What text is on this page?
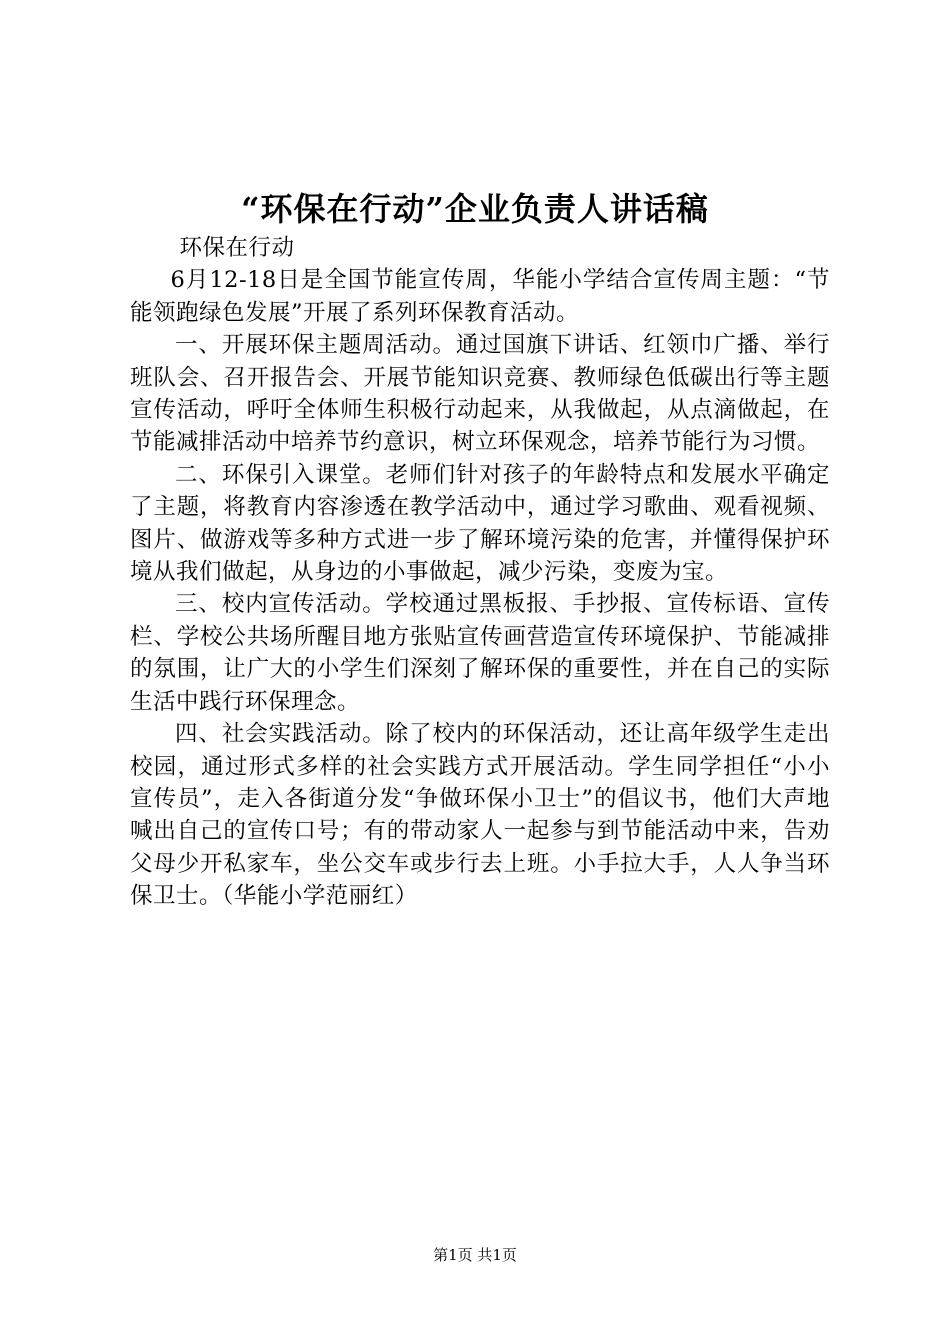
“环保在行动”企业负责人讲话稿

环保在行动

6月12-18日是全国节能宣传周，华能小学结合宣传周主题：“节能领跑绿色发展”开展了系列环保教育活动。

一、开展环保主题周活动。通过国旗下讲话、红领巾广播、举行班队会、召开报告会、开展节能知识竞赛、教师绿色低碳出行等主题宣传活动，呼吁全体师生积极行动起来，从我做起，从点滴做起，在节能减排活动中培养节约意识，树立环保观念，培养节能行为习惯。

二、环保引入课堂。老师们针对孩子的年龄特点和发展水平确定了主题，将教育内容渗透在教学活动中，通过学习歌曲、观看视频、图片、做游戏等多种方式进一步了解环境污染的危害，并懂得保护环境从我们做起，从身边的小事做起，减少污染，变废为宝。

三、校内宣传活动。学校通过黑板报、手抄报、宣传标语、宣传栏、学校公共场所醒目地方张贴宣传画营造宣传环境保护、节能减排的氛围，让广大的小学生们深刻了解环保的重要性，并在自己的实际生活中践行环保理念。

四、社会实践活动。除了校内的环保活动，还让高年级学生走出校园，通过形式多样的社会实践方式开展活动。学生同学担任“小小宣传员”，走入各街道分发“争做环保小卫士”的倡议书，他们大声地喊出自己的宣传口号；有的带动家人一起参与到节能活动中来，告劝父母少开私家车，坐公交车或步行去上班。小手拉大手，人人争当环保卫士。（华能小学范丽红）

第1页 共1页
